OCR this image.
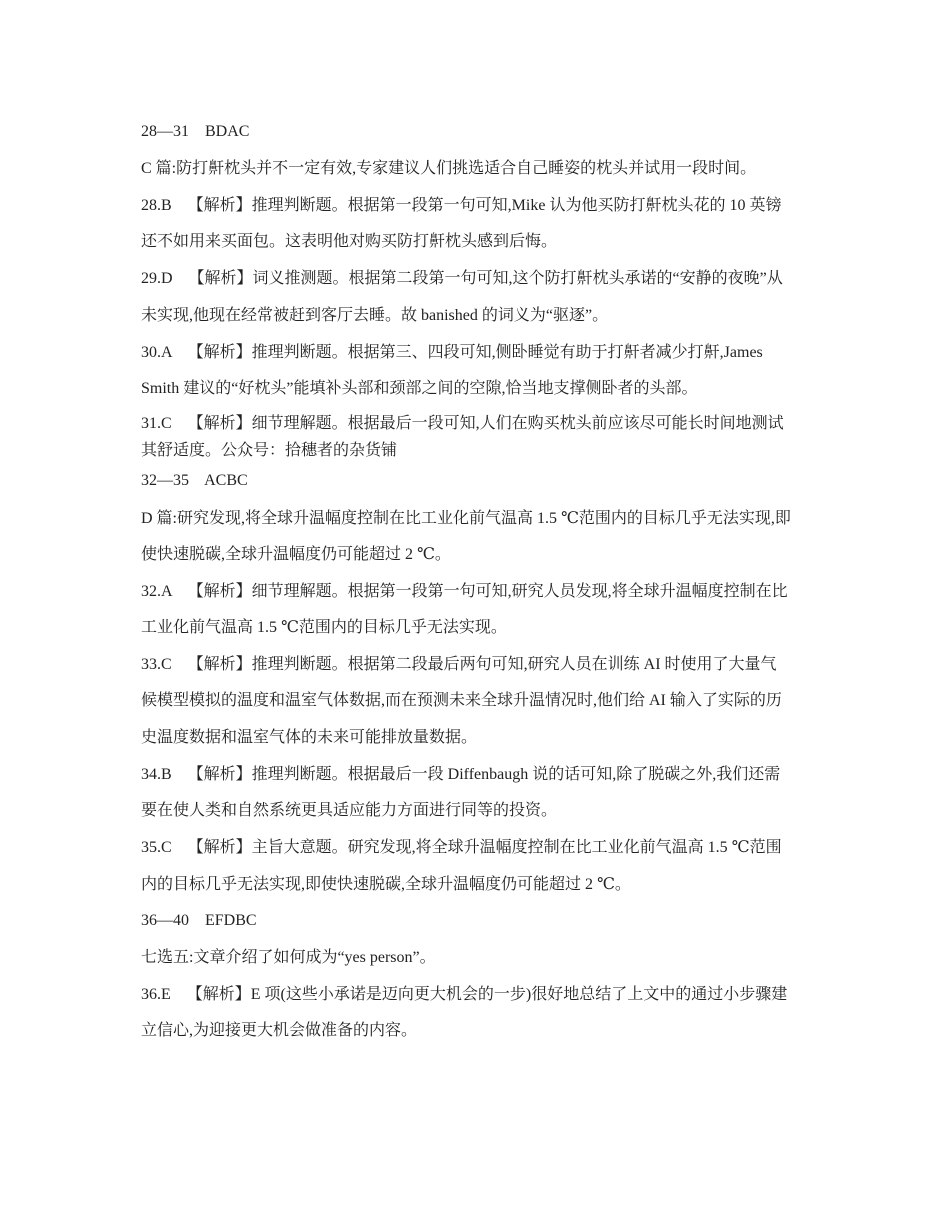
28—31    BDAC
C 篇:防打鼾枕头并不一定有效,专家建议人们挑选适合自己睡姿的枕头并试用一段时间。
28.B    【解析】推理判断题。根据第一段第一句可知,Mike 认为他买防打鼾枕头花的 10 英镑
还不如用来买面包。这表明他对购买防打鼾枕头感到后悔。
29.D    【解析】词义推测题。根据第二段第一句可知,这个防打鼾枕头承诺的“安静的夜晚”从
未实现,他现在经常被赶到客厅去睡。故 banished 的词义为“驱逐”。
30.A    【解析】推理判断题。根据第三、四段可知,侧卧睡觉有助于打鼾者减少打鼾,James
Smith 建议的“好枕头”能填补头部和颈部之间的空隙,恰当地支撑侧卧者的头部。
31.C    【解析】细节理解题。根据最后一段可知,人们在购买枕头前应该尽可能长时间地测试
其舒适度。公众号：拾穗者的杂货铺
32—35    ACBC
D 篇:研究发现,将全球升温幅度控制在比工业化前气温高 1.5 ℃范围内的目标几乎无法实现,即
使快速脱碳,全球升温幅度仍可能超过 2 ℃。
32.A    【解析】细节理解题。根据第一段第一句可知,研究人员发现,将全球升温幅度控制在比
工业化前气温高 1.5 ℃范围内的目标几乎无法实现。
33.C    【解析】推理判断题。根据第二段最后两句可知,研究人员在训练 AI 时使用了大量气
候模型模拟的温度和温室气体数据,而在预测未来全球升温情况时,他们给 AI 输入了实际的历
史温度数据和温室气体的未来可能排放量数据。
34.B    【解析】推理判断题。根据最后一段 Diffenbaugh 说的话可知,除了脱碳之外,我们还需
要在使人类和自然系统更具适应能力方面进行同等的投资。
35.C    【解析】主旨大意题。研究发现,将全球升温幅度控制在比工业化前气温高 1.5 ℃范围
内的目标几乎无法实现,即使快速脱碳,全球升温幅度仍可能超过 2 ℃。
36—40    EFDBC
七选五:文章介绍了如何成为“yes person”。
36.E    【解析】E 项(这些小承诺是迈向更大机会的一步)很好地总结了上文中的通过小步骤建
立信心,为迎接更大机会做准备的内容。
